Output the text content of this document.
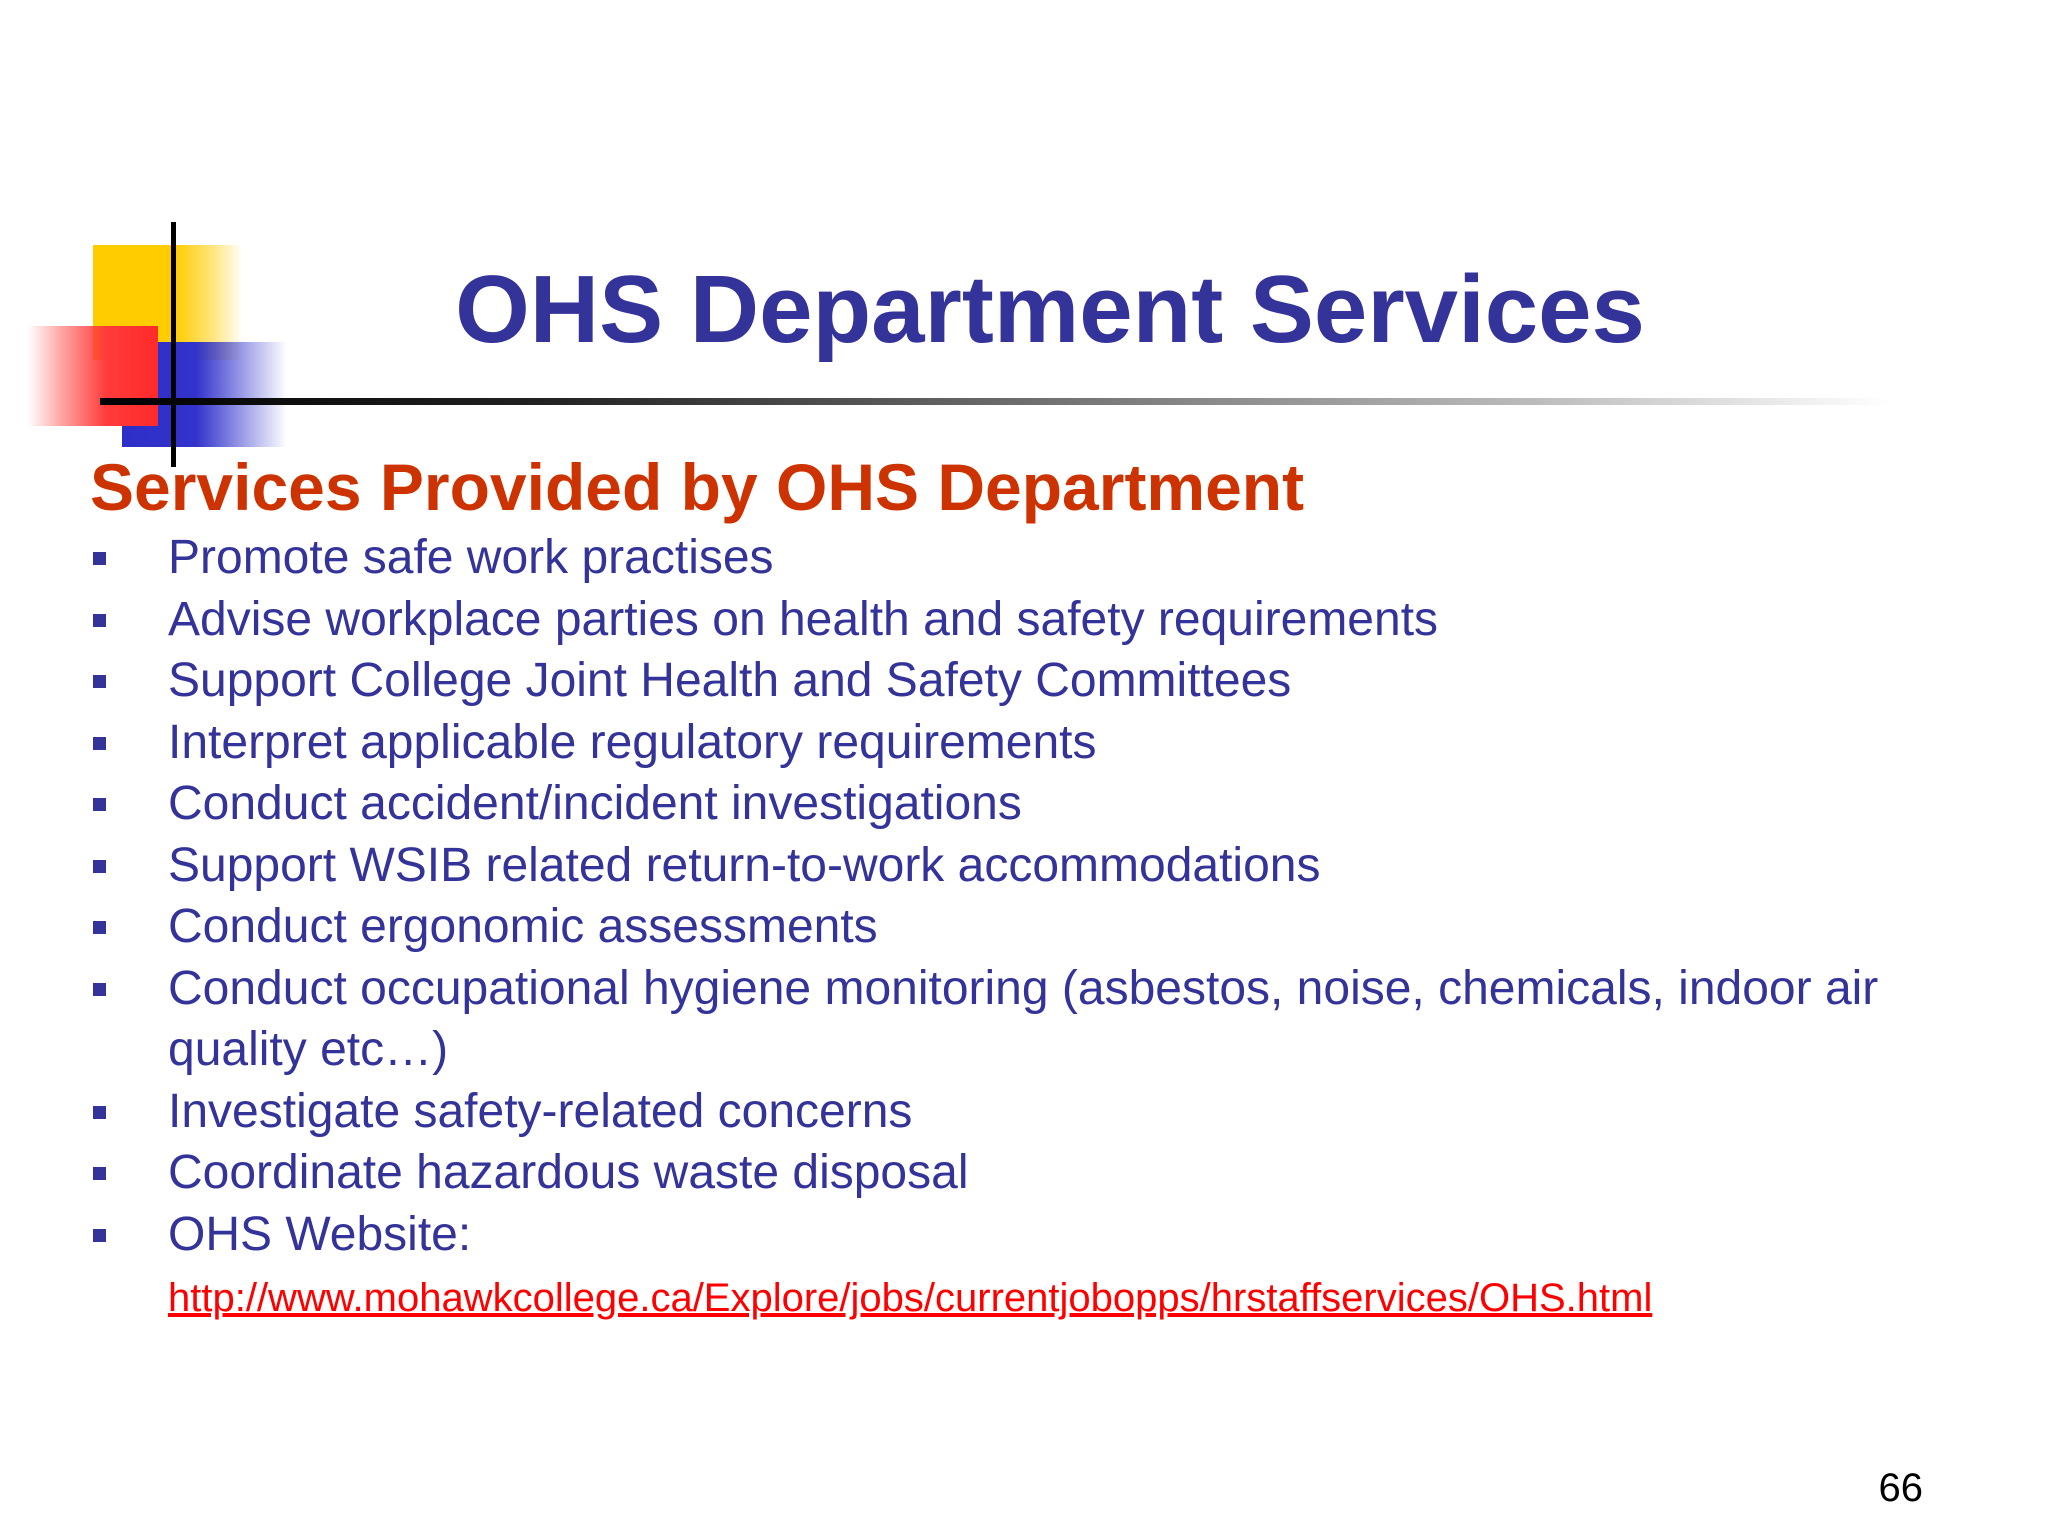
OHS Department Services
Services Provided by OHS Department
Promote safe work practises
Advise workplace parties on health and safety requirements
Support College Joint Health and Safety Committees
Interpret applicable regulatory requirements
Conduct accident/incident investigations
Support WSIB related return-to-work accommodations
Conduct ergonomic assessments
Conduct occupational hygiene monitoring (asbestos, noise, chemicals, indoor air quality etc…)
Investigate safety-related concerns
Coordinate hazardous waste disposal
OHS Website:
http://www.mohawkcollege.ca/Explore/jobs/currentjobopps/hrstaffservices/OHS.html
66
